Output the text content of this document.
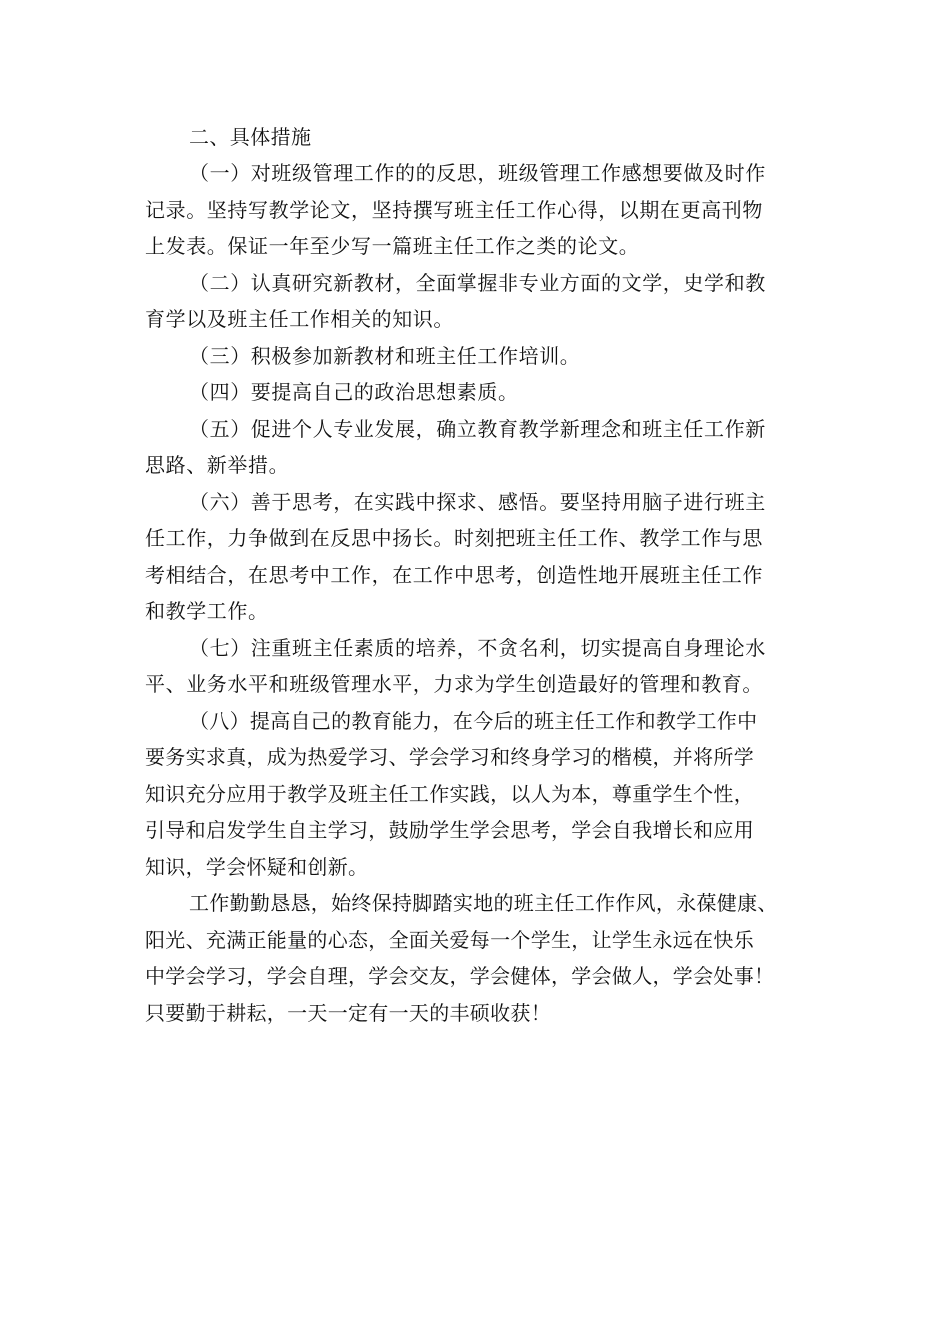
二、具体措施

（一）对班级管理工作的的反思，班级管理工作感想要做及时作
记录。坚持写教学论文，坚持撰写班主任工作心得，以期在更高刊物
上发表。保证一年至少写一篇班主任工作之类的论文。

（二）认真研究新教材，全面掌握非专业方面的文学，史学和教
育学以及班主任工作相关的知识。

（三）积极参加新教材和班主任工作培训。

（四）要提高自己的政治思想素质。

（五）促进个人专业发展，确立教育教学新理念和班主任工作新
思路、新举措。

（六）善于思考，在实践中探求、感悟。要坚持用脑子进行班主
任工作，力争做到在反思中扬长。时刻把班主任工作、教学工作与思
考相结合，在思考中工作，在工作中思考，创造性地开展班主任工作
和教学工作。

（七）注重班主任素质的培养，不贪名利，切实提高自身理论水
平、业务水平和班级管理水平，力求为学生创造最好的管理和教育。

（八）提高自己的教育能力，在今后的班主任工作和教学工作中
要务实求真，成为热爱学习、学会学习和终身学习的楷模，并将所学
知识充分应用于教学及班主任工作实践，以人为本，尊重学生个性，
引导和启发学生自主学习，鼓励学生学会思考，学会自我增长和应用
知识，学会怀疑和创新。

工作勤勤恳恳，始终保持脚踏实地的班主任工作作风，永葆健康、
阳光、充满正能量的心态，全面关爱每一个学生，让学生永远在快乐
中学会学习，学会自理，学会交友，学会健体，学会做人，学会处事！
只要勤于耕耘，一天一定有一天的丰硕收获！
